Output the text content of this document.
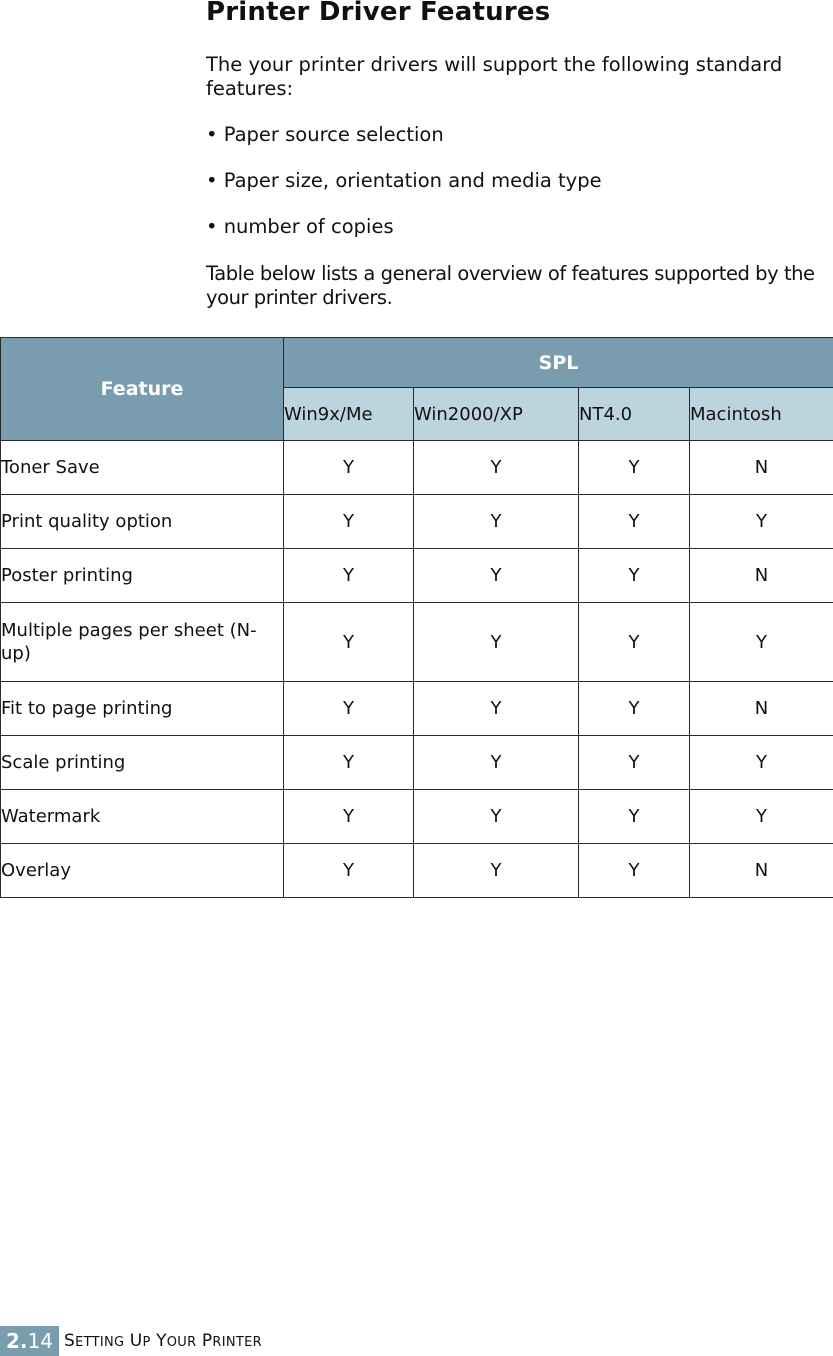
Printer Driver Features

The your printer drivers will support the following standard features:

• Paper source selection

• Paper size, orientation and media type

• number of copies

Table below lists a general overview of features supported by the your printer drivers.

Feature	SPL			
	Win9x/Me	Win2000/XP	NT4.0	Macintosh
Toner Save	Y	Y	Y	N
Print quality option	Y	Y	Y	Y
Poster printing	Y	Y	Y	N
Multiple pages per sheet (N-up)	Y	Y	Y	Y
Fit to page printing	Y	Y	Y	N
Scale printing	Y	Y	Y	Y
Watermark	Y	Y	Y	Y
Overlay	Y	Y	Y	N
2.14 SETTING UP YOUR PRINTER
